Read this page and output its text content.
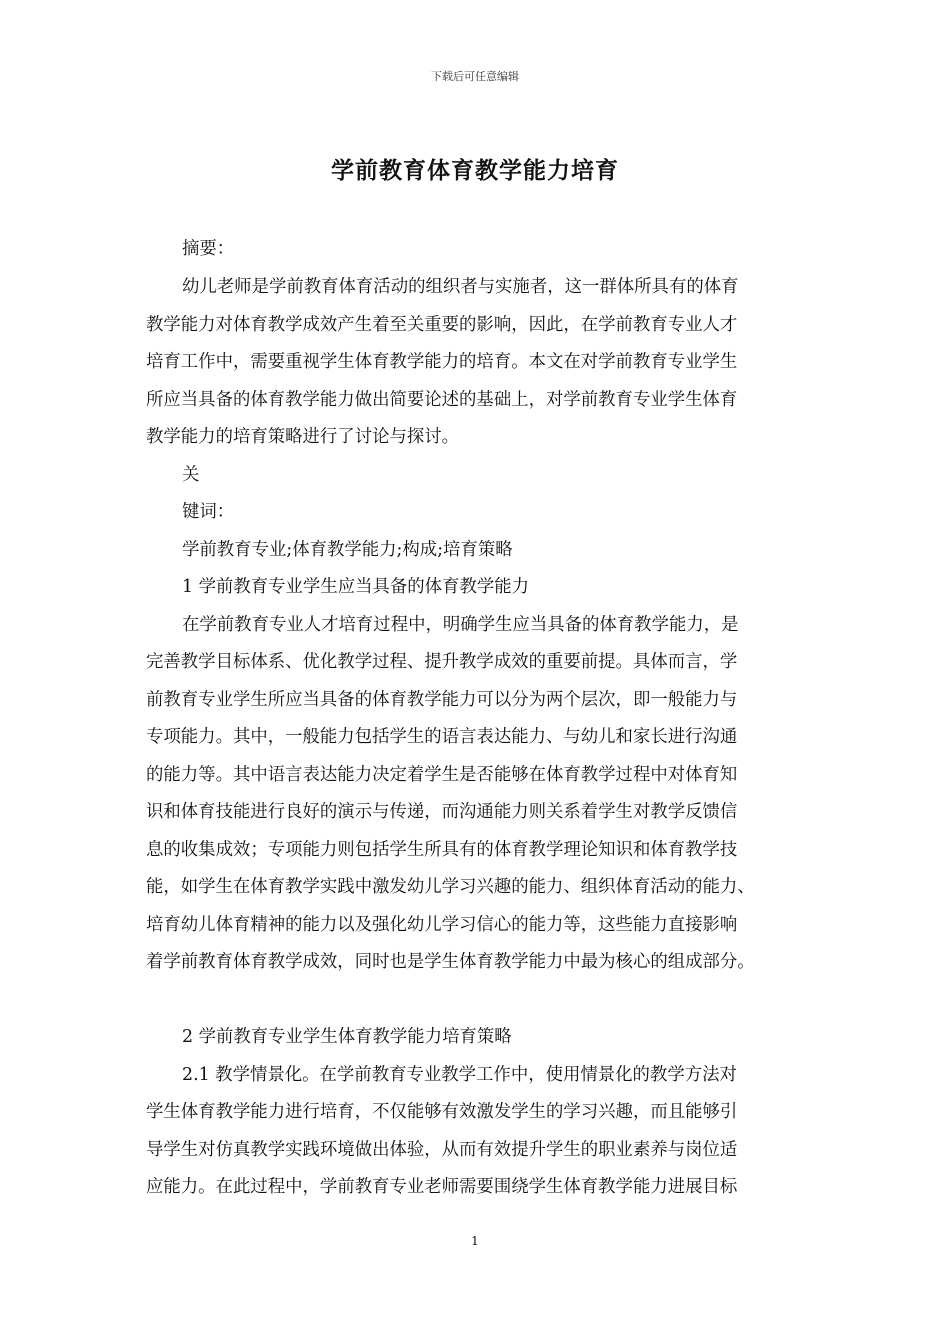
下载后可任意编辑
学前教育体育教学能力培育
摘要：
幼儿老师是学前教育体育活动的组织者与实施者，这一群体所具有的体育
教学能力对体育教学成效产生着至关重要的影响，因此，在学前教育专业人才
培育工作中，需要重视学生体育教学能力的培育。本文在对学前教育专业学生
所应当具备的体育教学能力做出简要论述的基础上，对学前教育专业学生体育
教学能力的培育策略进行了讨论与探讨。
关
键词：
学前教育专业;体育教学能力;构成;培育策略
1 学前教育专业学生应当具备的体育教学能力
在学前教育专业人才培育过程中，明确学生应当具备的体育教学能力，是
完善教学目标体系、优化教学过程、提升教学成效的重要前提。具体而言，学
前教育专业学生所应当具备的体育教学能力可以分为两个层次，即一般能力与
专项能力。其中，一般能力包括学生的语言表达能力、与幼儿和家长进行沟通
的能力等。其中语言表达能力决定着学生是否能够在体育教学过程中对体育知
识和体育技能进行良好的演示与传递，而沟通能力则关系着学生对教学反馈信
息的收集成效；专项能力则包括学生所具有的体育教学理论知识和体育教学技
能，如学生在体育教学实践中激发幼儿学习兴趣的能力、组织体育活动的能力、
培育幼儿体育精神的能力以及强化幼儿学习信心的能力等，这些能力直接影响
着学前教育体育教学成效，同时也是学生体育教学能力中最为核心的组成部分。
2 学前教育专业学生体育教学能力培育策略
2.1 教学情景化。在学前教育专业教学工作中，使用情景化的教学方法对
学生体育教学能力进行培育，不仅能够有效激发学生的学习兴趣，而且能够引
导学生对仿真教学实践环境做出体验，从而有效提升学生的职业素养与岗位适
应能力。在此过程中，学前教育专业老师需要围绕学生体育教学能力进展目标
1
